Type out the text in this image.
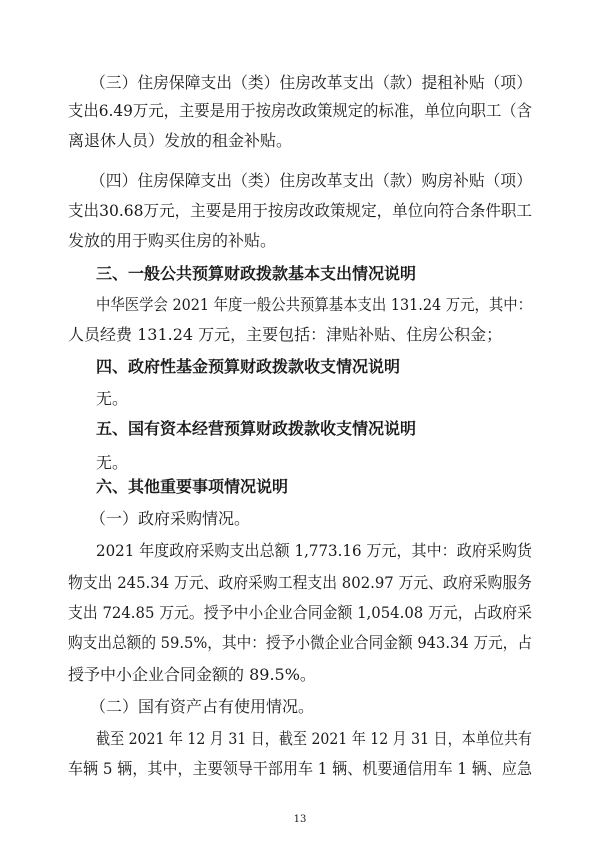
（三）住房保障支出（类）住房改革支出（款）提租补贴（项）
支出6.49万元，主要是用于按房改政策规定的标准，单位向职工（含
离退休人员）发放的租金补贴。
（四）住房保障支出（类）住房改革支出（款）购房补贴（项）
支出30.68万元，主要是用于按房改政策规定，单位向符合条件职工
发放的用于购买住房的补贴。
三、一般公共预算财政拨款基本支出情况说明
中华医学会 2021 年度一般公共预算基本支出 131.24 万元，其中：
人员经费 131.24 万元，主要包括：津贴补贴、住房公积金；
四、政府性基金预算财政拨款收支情况说明
无。
五、国有资本经营预算财政拨款收支情况说明
无。
六、其他重要事项情况说明
（一）政府采购情况。
2021 年度政府采购支出总额 1,773.16 万元，其中：政府采购货
物支出 245.34 万元、政府采购工程支出 802.97 万元、政府采购服务
支出 724.85 万元。授予中小企业合同金额 1,054.08 万元，占政府采
购支出总额的 59.5%，其中：授予小微企业合同金额 943.34 万元，占
授予中小企业合同金额的 89.5%。
（二）国有资产占有使用情况。
截至 2021 年 12 月 31 日，截至 2021 年 12 月 31 日，本单位共有
车辆 5 辆，其中，主要领导干部用车 1 辆、机要通信用车 1 辆、应急
13
